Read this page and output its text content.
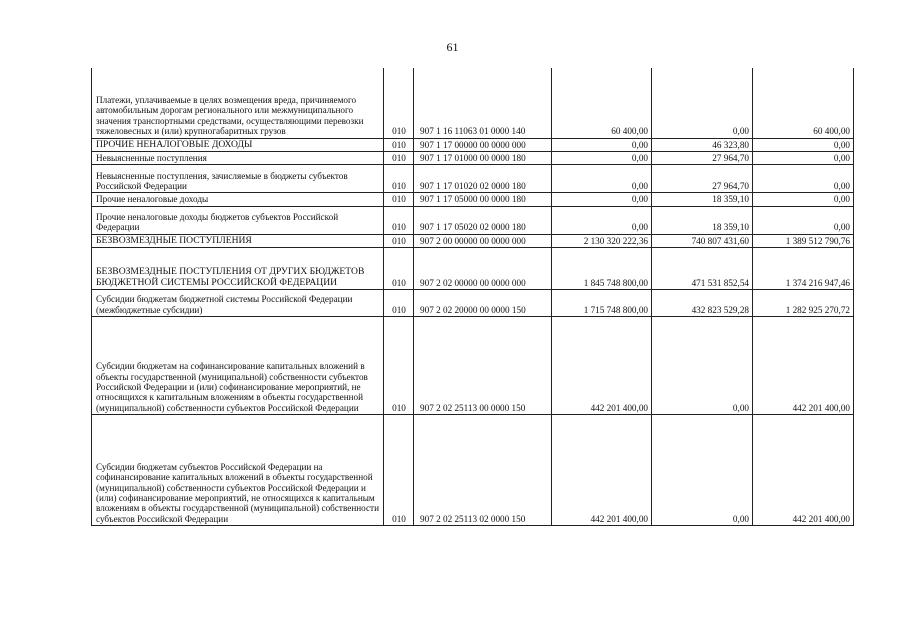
61
Платежи, уплачиваемые в целях возмещения вреда, причиняемого автомобильным дорогам регионального или межмуниципального значения транспортными средствами, осуществляющими перевозки тяжеловесных и (или) крупногабаритных грузов	010	907 1 16 11063 01 0000 140	60 400,00	0,00	60 400,00

ПРОЧИЕ НЕНАЛОГОВЫЕ ДОХОДЫ	010	907 1 17 00000 00 0000 000	0,00	46 323,80	0,00

Невыясненные поступления	010	907 1 17 01000 00 0000 180	0,00	27 964,70	0,00

Невыясненные поступления, зачисляемые в бюджеты субъектов Российской Федерации	010	907 1 17 01020 02 0000 180	0,00	27 964,70	0,00

Прочие неналоговые доходы	010	907 1 17 05000 00 0000 180	0,00	18 359,10	0,00

Прочие неналоговые доходы бюджетов субъектов Российской Федерации	010	907 1 17 05020 02 0000 180	0,00	18 359,10	0,00

БЕЗВОЗМЕЗДНЫЕ ПОСТУПЛЕНИЯ	010	907 2 00 00000 00 0000 000	2 130 320 222,36	740 807 431,60	1 389 512 790,76

БЕЗВОЗМЕЗДНЫЕ ПОСТУПЛЕНИЯ ОТ ДРУГИХ БЮДЖЕТОВ БЮДЖЕТНОЙ СИСТЕМЫ РОССИЙСКОЙ ФЕДЕРАЦИИ	010	907 2 02 00000 00 0000 000	1 845 748 800,00	471 531 852,54	1 374 216 947,46

Субсидии бюджетам бюджетной системы Российской Федерации (межбюджетные субсидии)	010	907 2 02 20000 00 0000 150	1 715 748 800,00	432 823 529,28	1 282 925 270,72

Субсидии бюджетам на софинансирование капитальных вложений в объекты государственной (муниципальной) собственности субъектов Российской Федерации и (или) софинансирование мероприятий, не относящихся к капитальным вложениям в объекты государственной (муниципальной) собственности субъектов Российской Федерации	010	907 2 02 25113 00 0000 150	442 201 400,00	0,00	442 201 400,00

Субсидии бюджетам субъектов Российской Федерации на софинансирование капитальных вложений в объекты государственной (муниципальной) собственности субъектов Российской Федерации и (или) софинансирование мероприятий, не относящихся к капитальным вложениям в объекты государственной (муниципальной) собственности субъектов Российской Федерации	010	907 2 02 25113 02 0000 150	442 201 400,00	0,00	442 201 400,00
